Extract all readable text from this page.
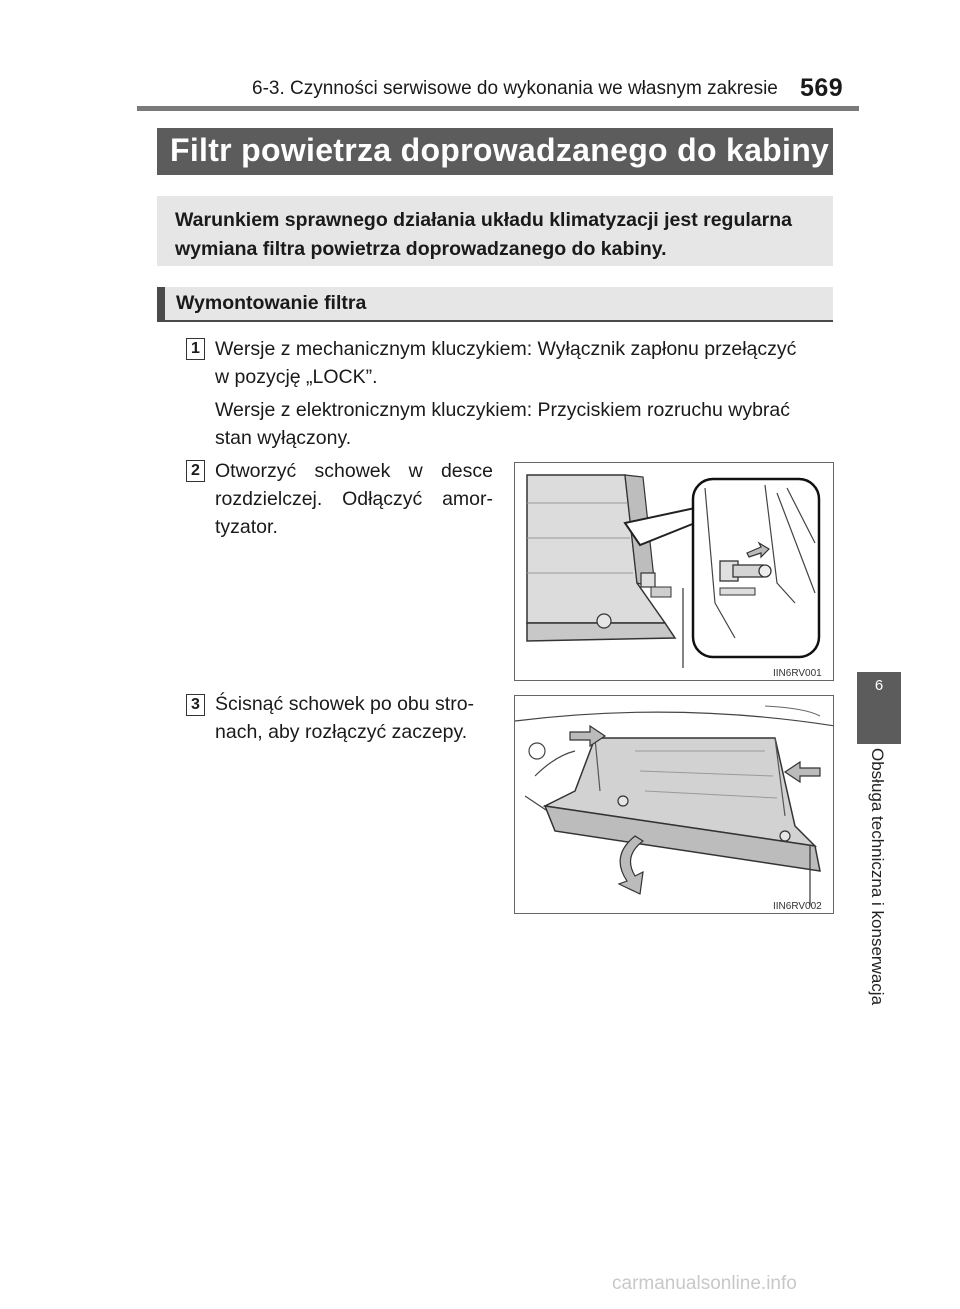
6-3. Czynności serwisowe do wykonania we własnym zakresie 569
Filtr powietrza doprowadzanego do kabiny
Warunkiem sprawnego działania układu klimatyzacji jest regularna
wymiana filtra powietrza doprowadzanego do kabiny.
Wymontowanie filtra
1 Wersje z mechanicznym kluczykiem: Wyłącznik zapłonu przełączyć
w pozycję „LOCK”.
Wersje z elektronicznym kluczykiem: Przyciskiem rozruchu wybrać
stan wyłączony.
2 Otworzyć schowek w desce
rozdzielczej. Odłączyć amor-
tyzator.
IIN6RV001
3 Ścisnąć schowek po obu stro-
nach, aby rozłączyć zaczepy.
IIN6RV002
6
Obsługa techniczna i konserwacja
carmanualsonline.info
